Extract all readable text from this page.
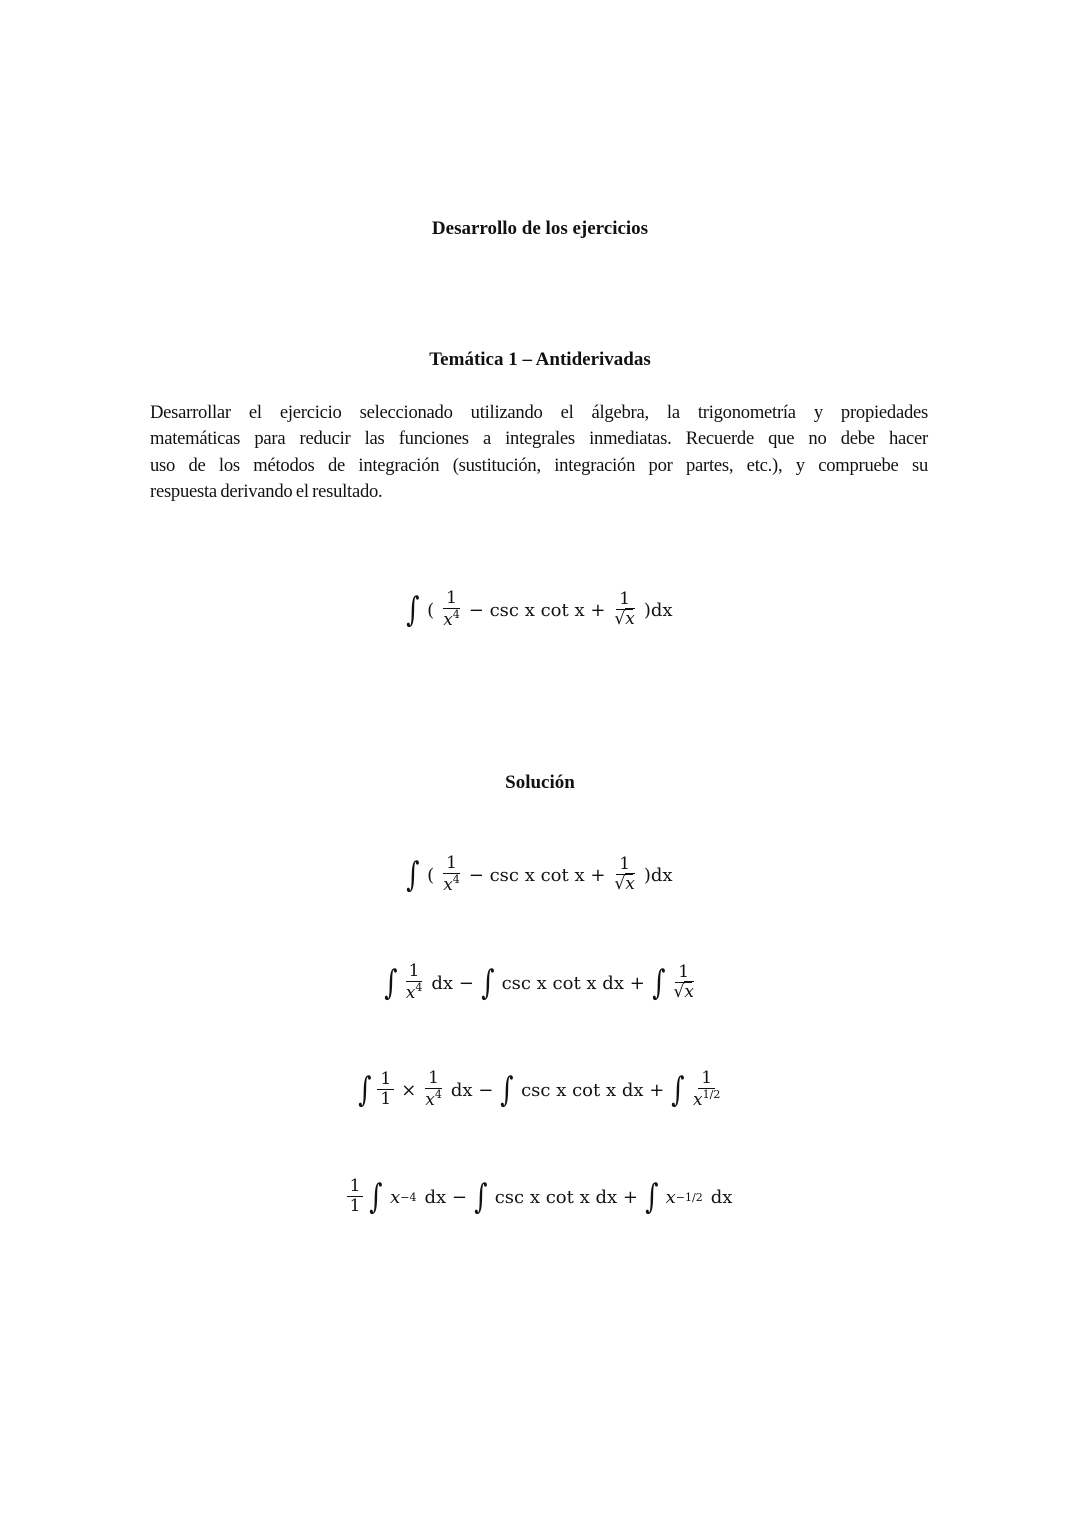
Desarrollo de los ejercicios
Temática 1 – Antiderivadas
Desarrollar el ejercicio seleccionado utilizando el álgebra, la trigonometría y propiedades
matemáticas para reducir las funciones a integrales inmediatas. Recuerde que no debe hacer
uso de los métodos de integración (sustitución, integración por partes, etc.), y compruebe su
respuesta derivando el resultado.
∫ ( $\frac{1}{x^4} - \csc x$ $\cot x + \frac{1}{√x} )dx$
Solución
∫ ( $\frac{1}{x^4} - \csc x$ $\cot x + \frac{1}{√x} )dx$
∫ $\frac{1}{x^4}$ dx − ∫ csc x cot x dx + ∫ $\frac{1}{√x}$
∫ $\frac{1}{1} \times \frac{1}{x^4}$ dx − ∫ csc x cot x dx + ∫ $\frac{1}{x^{1/2}}$
$\frac{1}{1}$ ∫ x −4 dx − ∫ csc x cot x dx + ∫ x −1/2 dx
